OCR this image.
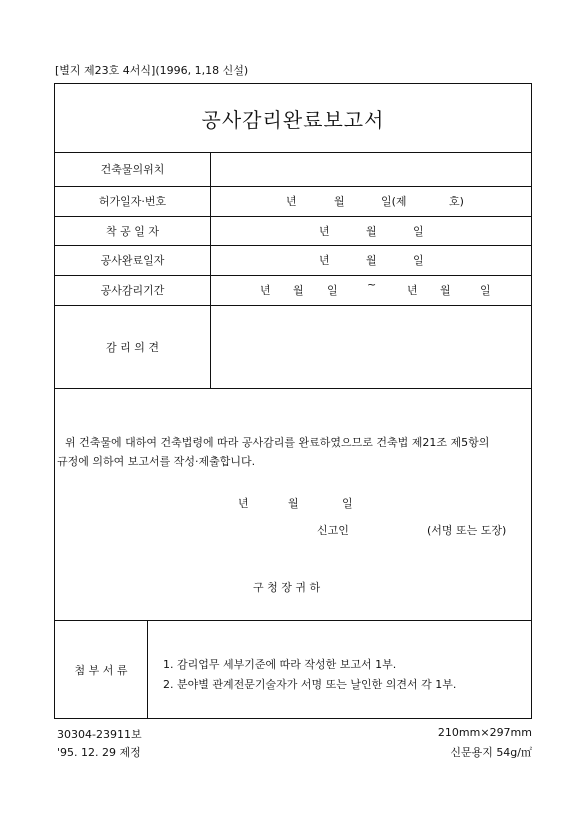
[별지 제23호 4서식](1996, 1,18 신설)
공사감리완료보고서
건축물의위치
허가일자·번호	년	월	일(제	호)
착 공 일 자	년	월	일
공사완료일자	년	월	일
공사감리기간	년 월 일	~	년 월	일
감 리 의 견

위 건축물에 대하여 건축법령에 따라 공사감리를 완료하였으므로 건축법 제21조 제5항의

규정에 의하여 보고서를 작성·제출합니다.

년	월	일

신고인	(서명 또는 도장)

구 청 장 귀 하

첨 부 서 류	1. 감리업무 세부기준에 따라 작성한 보고서 1부.
2. 분야별 관계전문기술자가 서명 또는 날인한 의견서 각 1부.
30304-23911보
'95. 12. 29 제정
210mm×297mm
신문용지 54g/㎡
